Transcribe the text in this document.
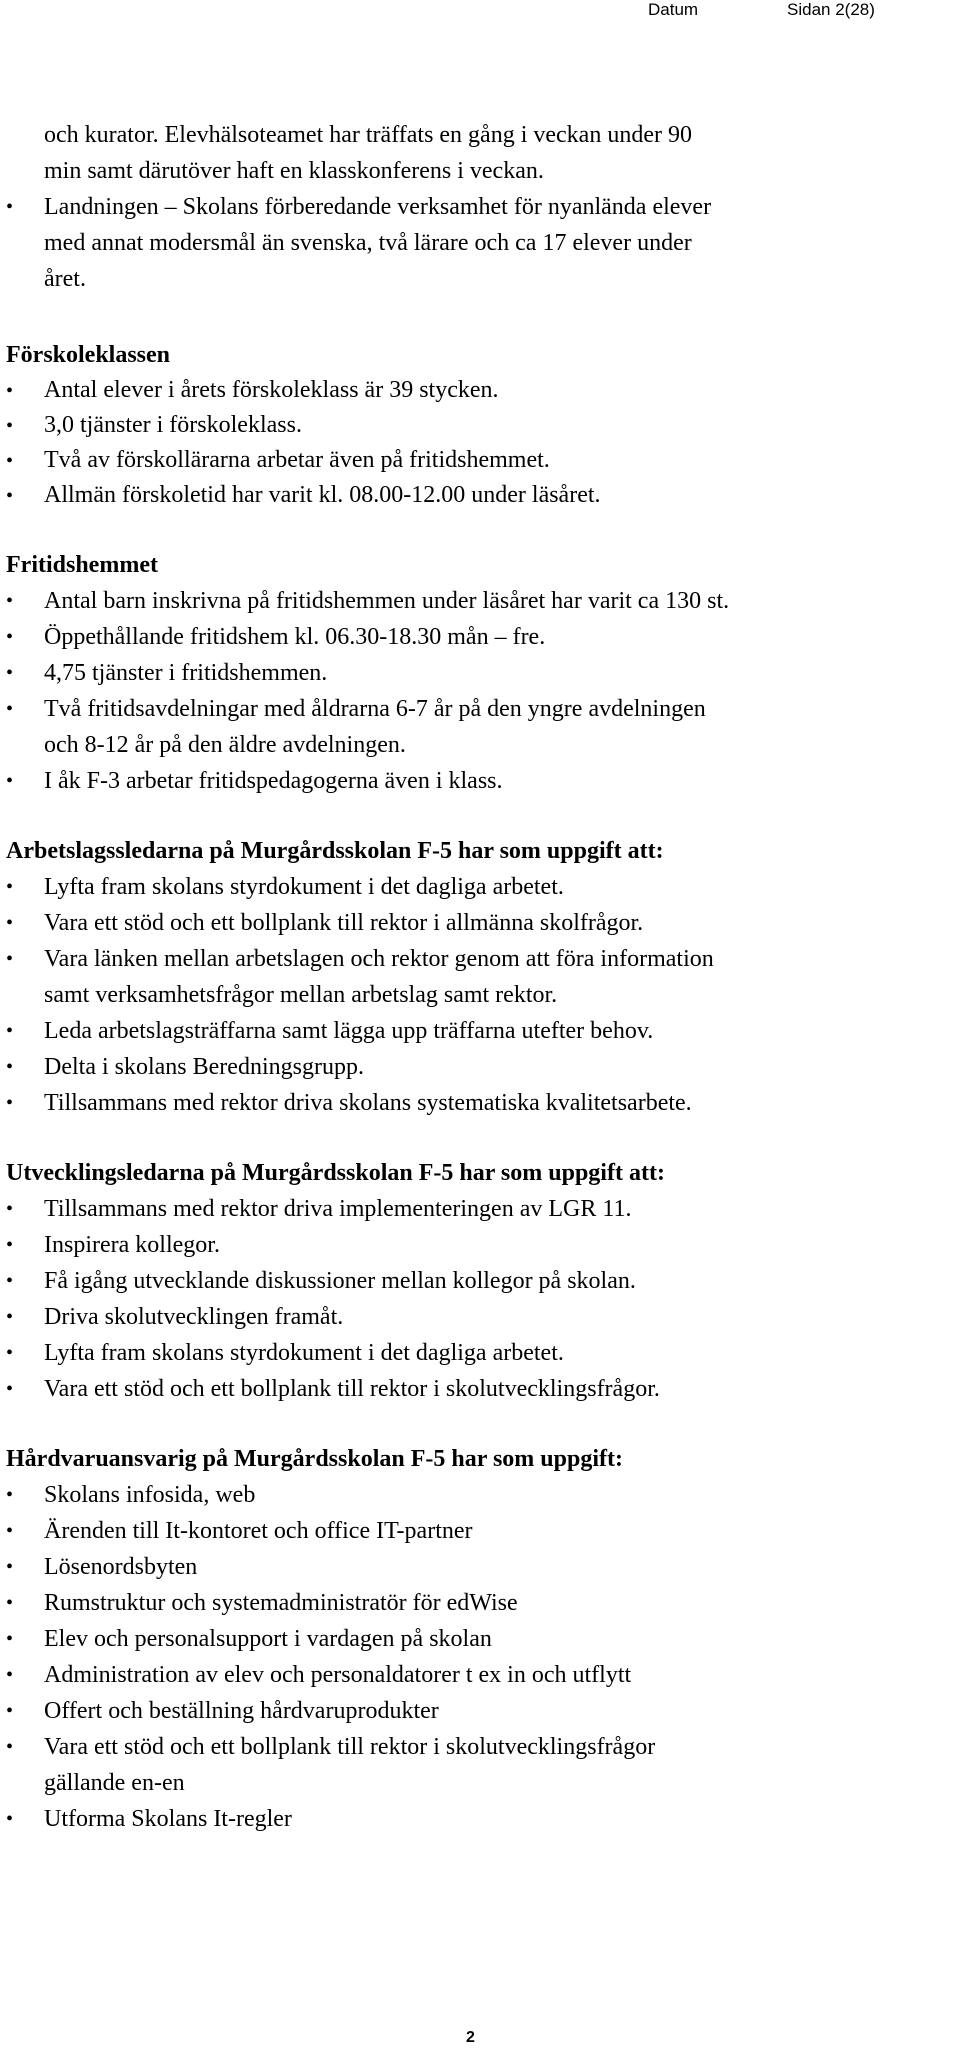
Datum	Sidan 2(28)
och kurator. Elevhälsoteamet har träffats en gång i veckan under 90
min samt därutöver haft en klasskonferens i veckan.
• Landningen – Skolans förberedande verksamhet för nyanlända elever
med annat modersmål än svenska, två lärare och ca 17 elever under
året.
Förskoleklassen
• Antal elever i årets förskoleklass är 39 stycken.
• 3,0 tjänster i förskoleklass.
• Två av förskollärarna arbetar även på fritidshemmet.
• Allmän förskoletid har varit kl. 08.00-12.00 under läsåret.
Fritidshemmet
• Antal barn inskrivna på fritidshemmen under läsåret har varit ca 130 st.
• Öppethållande fritidshem kl. 06.30-18.30 mån – fre.
• 4,75 tjänster i fritidshemmen.
• Två fritidsavdelningar med åldrarna 6-7 år på den yngre avdelningen
och 8-12 år på den äldre avdelningen.
• I åk F-3 arbetar fritidspedagogerna även i klass.
Arbetslagssledarna på Murgårdsskolan F-5 har som uppgift att:
• Lyfta fram skolans styrdokument i det dagliga arbetet.
• Vara ett stöd och ett bollplank till rektor i allmänna skolfrågor.
• Vara länken mellan arbetslagen och rektor genom att föra information
samt verksamhetsfrågor mellan arbetslag samt rektor.
• Leda arbetslagsträffarna samt lägga upp träffarna utefter behov.
• Delta i skolans Beredningsgrupp.
• Tillsammans med rektor driva skolans systematiska kvalitetsarbete.
Utvecklingsledarna på Murgårdsskolan F-5 har som uppgift att:
• Tillsammans med rektor driva implementeringen av LGR 11.
• Inspirera kollegor.
• Få igång utvecklande diskussioner mellan kollegor på skolan.
• Driva skolutvecklingen framåt.
• Lyfta fram skolans styrdokument i det dagliga arbetet.
• Vara ett stöd och ett bollplank till rektor i skolutvecklingsfrågor.
Hårdvaruansvarig på Murgårdsskolan F-5 har som uppgift:
• Skolans infosida, web
• Ärenden till It-kontoret och office IT-partner
• Lösenordsbyten
• Rumstruktur och systemadministratör för edWise
• Elev och personalsupport i vardagen på skolan
• Administration av elev och personaldatorer t ex in och utflytt
• Offert och beställning hårdvaruprodukter
• Vara ett stöd och ett bollplank till rektor i skolutvecklingsfrågor
gällande en-en
• Utforma Skolans It-regler
2
